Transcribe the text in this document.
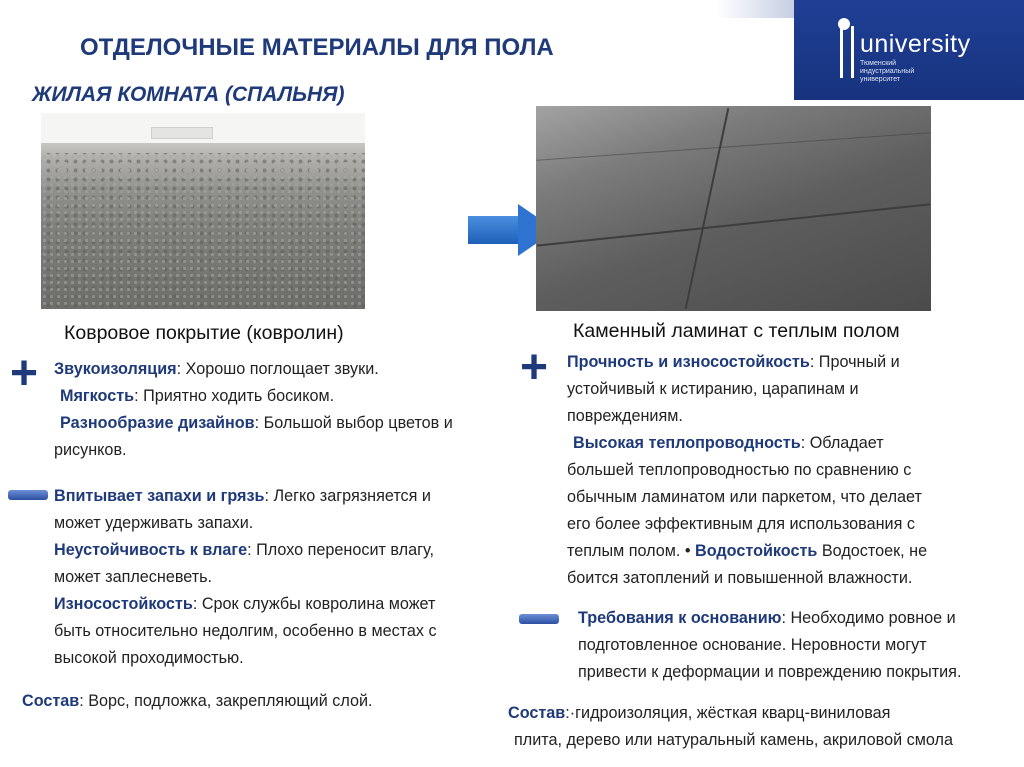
university
Тюменский
индустриальный
университет
ОТДЕЛОЧНЫЕ МАТЕРИАЛЫ ДЛЯ ПОЛА
ЖИЛАЯ КОМНАТА (СПАЛЬНЯ)
Ковровое покрытие (ковролин)	Каменный ламинат с теплым полом
+ Звукоизоляция: Хорошо поглощает звуки.
Мягкость: Приятно ходить босиком.
Разнообразие дизайнов: Большой выбор цветов и
рисунков.
Впитывает запахи и грязь: Легко загрязняется и
может удерживать запахи.
Неустойчивость к влаге: Плохо переносит влагу,
может заплесневеть.
Износостойкость: Срок службы ковролина может
быть относительно недолгим, особенно в местах с
высокой проходимостью.
Состав: Ворс, подложка, закрепляющий слой.
+ Прочность и износостойкость: Прочный и
устойчивый к истиранию, царапинам и
повреждениям.
Высокая теплопроводность: Обладает
большей теплопроводностью по сравнению с
обычным ламинатом или паркетом, что делает
его более эффективным для использования с
теплым полом. • Водостойкость Водостоек, не
боится затоплений и повышенной влажности.
Требования к основанию: Необходимо ровное и
подготовленное основание. Неровности могут
привести к деформации и повреждению покрытия.
Состав:·гидроизоляция, жёсткая кварц-виниловая
плита, дерево или натуральный камень, акриловой смола
